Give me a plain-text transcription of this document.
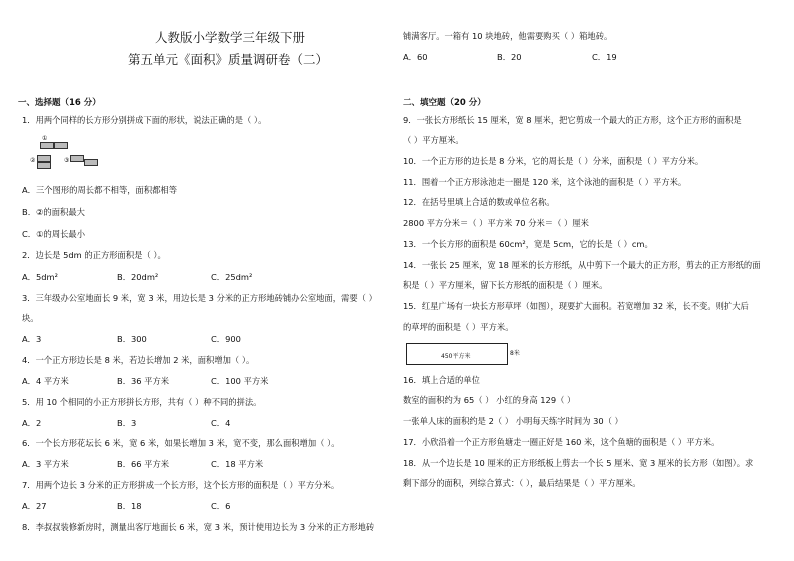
人教版小学数学三年级下册
第五单元《面积》质量调研卷（二）
一、选择题（16 分）
1．用两个同样的长方形分别拼成下面的形状，说法正确的是（ ）。
①
②	③
A．三个图形的周长都不相等，面积都相等
B．②的面积最大
C．①的周长最小
2．边长是 5dm 的正方形面积是（ ）。
A．5dm²	B．20dm²	C．25dm²
3．三年级办公室地面长 9 米，宽 3 米，用边长是 3 分米的正方形地砖铺办公室地面，需要（ ）
块。
A．3	B．300	C．900
4．一个正方形边长是 8 米，若边长增加 2 米，面积增加（ ）。
A．4 平方米	B．36 平方米	C．100 平方米
5．用 10 个相同的小正方形拼长方形，共有（ ）种不同的拼法。
A．2	B．3	C．4
6．一个长方形花坛长 6 米，宽 6 米，如果长增加 3 米，宽不变，那么面积增加（ ）。
A．3 平方米	B．66 平方米	C．18 平方米
7．用两个边长 3 分米的正方形拼成一个长方形，这个长方形的面积是（ ）平方分米。
A．27	B．18	C．6
8．李叔叔装修新房时，测量出客厅地面长 6 米，宽 3 米，预计使用边长为 3 分米的正方形地砖
铺满客厅。一箱有 10 块地砖，他需要购买（ ）箱地砖。
A．60	B．20	C．19
二、填空题（20 分）
9．一张长方形纸长 15 厘米，宽 8 厘米，把它剪成一个最大的正方形，这个正方形的面积是
（ ）平方厘米。
10．一个正方形的边长是 8 分米，它的周长是（ ）分米，面积是（ ）平方分米。
11．围着一个正方形泳池走一圈是 120 米，这个泳池的面积是（ ）平方米。
12．在括号里填上合适的数或单位名称。
2800 平方分米＝（ ）平方米 70 分米＝（ ）厘米
13．一个长方形的面积是 60cm²，宽是 5cm，它的长是（ ）cm。
14．一张长 25 厘米，宽 18 厘米的长方形纸，从中剪下一个最大的正方形，剪去的正方形纸的面
积是（ ）平方厘米，留下长方形纸的面积是（ ）厘米。
15．红星广场有一块长方形草坪（如图），现要扩大面积。若宽增加 32 米，长不变。则扩大后
的草坪的面积是（ ）平方米。
450平方米	8米
16．填上合适的单位
数室的面积约为 65（ ） 小红的身高 129（ ）
一张单人床的面积约是 2（ ） 小明每天练字时间为 30（ ）
17．小欣沿着一个正方形鱼塘走一圈正好是 160 米，这个鱼塘的面积是（ ）平方米。
18．从一个边长是 10 厘米的正方形纸板上剪去一个长 5 厘米、宽 3 厘米的长方形（如图）。求
剩下部分的面积，列综合算式：（ ），最后结果是（ ）平方厘米。
